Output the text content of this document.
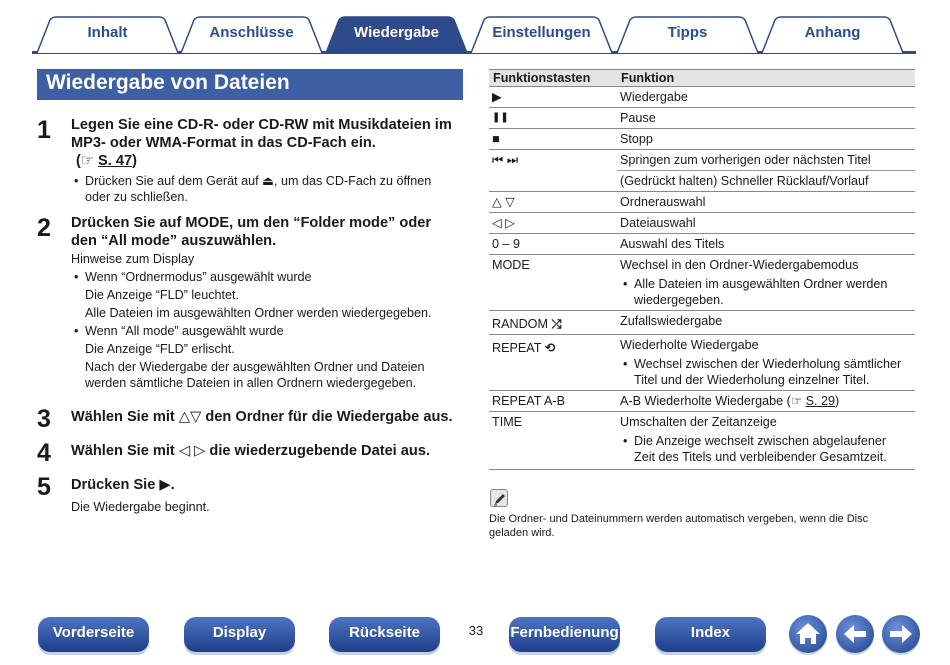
Inhalt	Anschlüsse	Wiedergabe	Einstellungen	Tipps	Anhang
Wiedergabe von Dateien
1 Legen Sie eine CD-R- oder CD-RW mit Musikdateien im
MP3- oder WMA-Format in das CD-Fach ein.
(☞ S. 47)
• Drücken Sie auf dem Gerät auf ⏏, um das CD-Fach zu öffnen
oder zu schließen.
2 Drücken Sie auf MODE, um den “Folder mode” oder
den “All mode” auszuwählen.
Hinweise zum Display
• Wenn “Ordnermodus” ausgewählt wurde
Die Anzeige “FLD” leuchtet.
Alle Dateien im ausgewählten Ordner werden wiedergegeben.
• Wenn “All mode” ausgewählt wurde
Die Anzeige “FLD” erlischt.
Nach der Wiedergabe der ausgewählten Ordner und Dateien
werden sämtliche Dateien in allen Ordnern wiedergegeben.
3 Wählen Sie mit △▽ den Ordner für die Wiedergabe aus.
4 Wählen Sie mit ◁ ▷ die wiederzugebende Datei aus.
5 Drücken Sie ▶.
Die Wiedergabe beginnt.
Funktionstasten	Funktion
▶	Wiedergabe
❚❚	Pause
■	Stopp
⏮ ⏭	Springen zum vorherigen oder nächsten Titel
(Gedrückt halten) Schneller Rücklauf/Vorlauf
△ ▽	Ordnerauswahl
◁ ▷	Dateiauswahl
0 – 9	Auswahl des Titels
MODE	Wechsel in den Ordner-Wiedergabemodus
• Alle Dateien im ausgewählten Ordner werden
wiedergegeben.
RANDOM ⤮	Zufallswiedergabe
REPEAT ⟲	Wiederholte Wiedergabe
• Wechsel zwischen der Wiederholung sämtlicher
Titel und der Wiederholung einzelner Titel.
REPEAT A-B	A-B Wiederholte Wiedergabe (☞ S. 29)
TIME	Umschalten der Zeitanzeige
• Die Anzeige wechselt zwischen abgelaufener
Zeit des Titels und verbleibender Gesamtzeit.
Die Ordner- und Dateinummern werden automatisch vergeben, wenn die Disc
geladen wird.
Vorderseite	Display	Rückseite	33	Fernbedienung	Index
